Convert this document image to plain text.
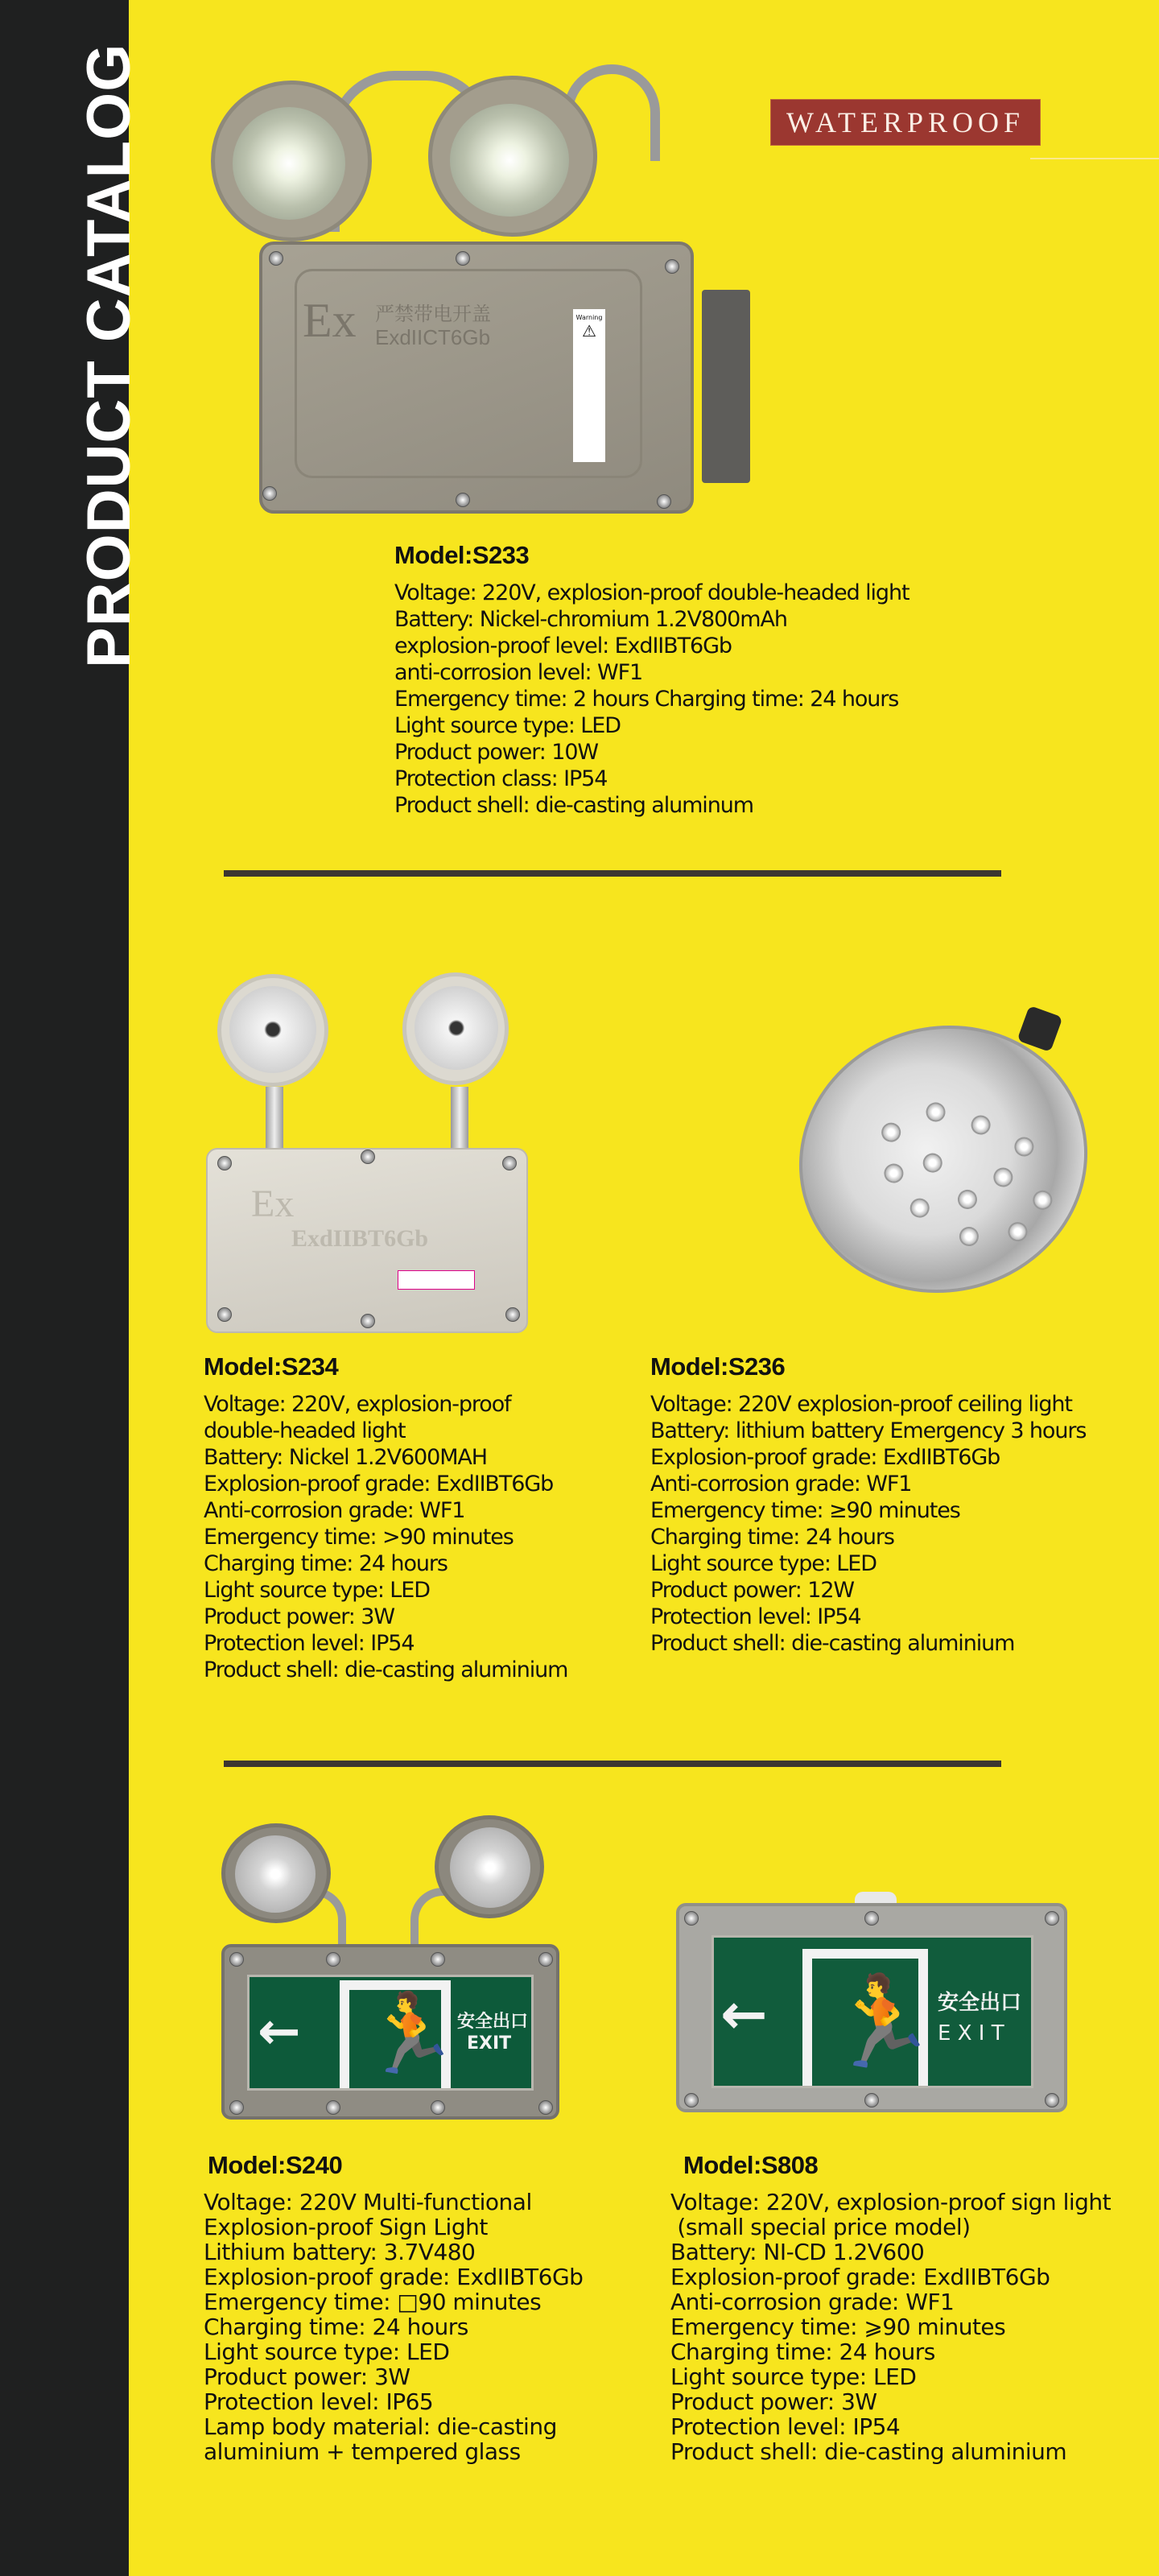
PRODUCT CATALOG	WATERPROOF
Ex 严禁带电开盖
ExdIICT6Gb
Warning
⚠
Model:S233
Voltage: 220V, explosion-proof double-headed light
Battery: Nickel-chromium 1.2V800mAh
explosion-proof level: ExdIIBT6Gb
anti-corrosion level: WF1
Emergency time: 2 hours Charging time: 24 hours
Light source type: LED
Product power: 10W
Protection class: IP54
Product shell: die-casting aluminum
Ex
ExdIIBT6Gb
Model:S234
Voltage: 220V, explosion-proof
double-headed light
Battery: Nickel 1.2V600MAH
Explosion-proof grade: ExdIIBT6Gb
Anti-corrosion grade: WF1
Emergency time: >90 minutes
Charging time: 24 hours
Light source type: LED
Product power: 3W
Protection level: IP54
Product shell: die-casting aluminium
Model:S236
Voltage: 220V explosion-proof ceiling light
Battery: lithium battery Emergency 3 hours
Explosion-proof grade: ExdIIBT6Gb
Anti-corrosion grade: WF1
Emergency time: ≥90 minutes
Charging time: 24 hours
Light source type: LED
Product power: 12W
Protection level: IP54
Product shell: die-casting aluminium
← 🏃
安全出口
EXIT
Model:S240
Voltage: 220V Multi-functional
Explosion-proof Sign Light
Lithium battery: 3.7V480
Explosion-proof grade: ExdIIBT6Gb
Emergency time: □90 minutes
Charging time: 24 hours
Light source type: LED
Product power: 3W
Protection level: IP65
Lamp body material: die-casting
aluminium + tempered glass
← 🏃 安全出口
E X I T
Model:S808
Voltage: 220V, explosion-proof sign light
(small special price model)
Battery: NI-CD 1.2V600
Explosion-proof grade: ExdIIBT6Gb
Anti-corrosion grade: WF1
Emergency time: ⩾90 minutes
Charging time: 24 hours
Light source type: LED
Product power: 3W
Protection level: IP54
Product shell: die-casting aluminium
